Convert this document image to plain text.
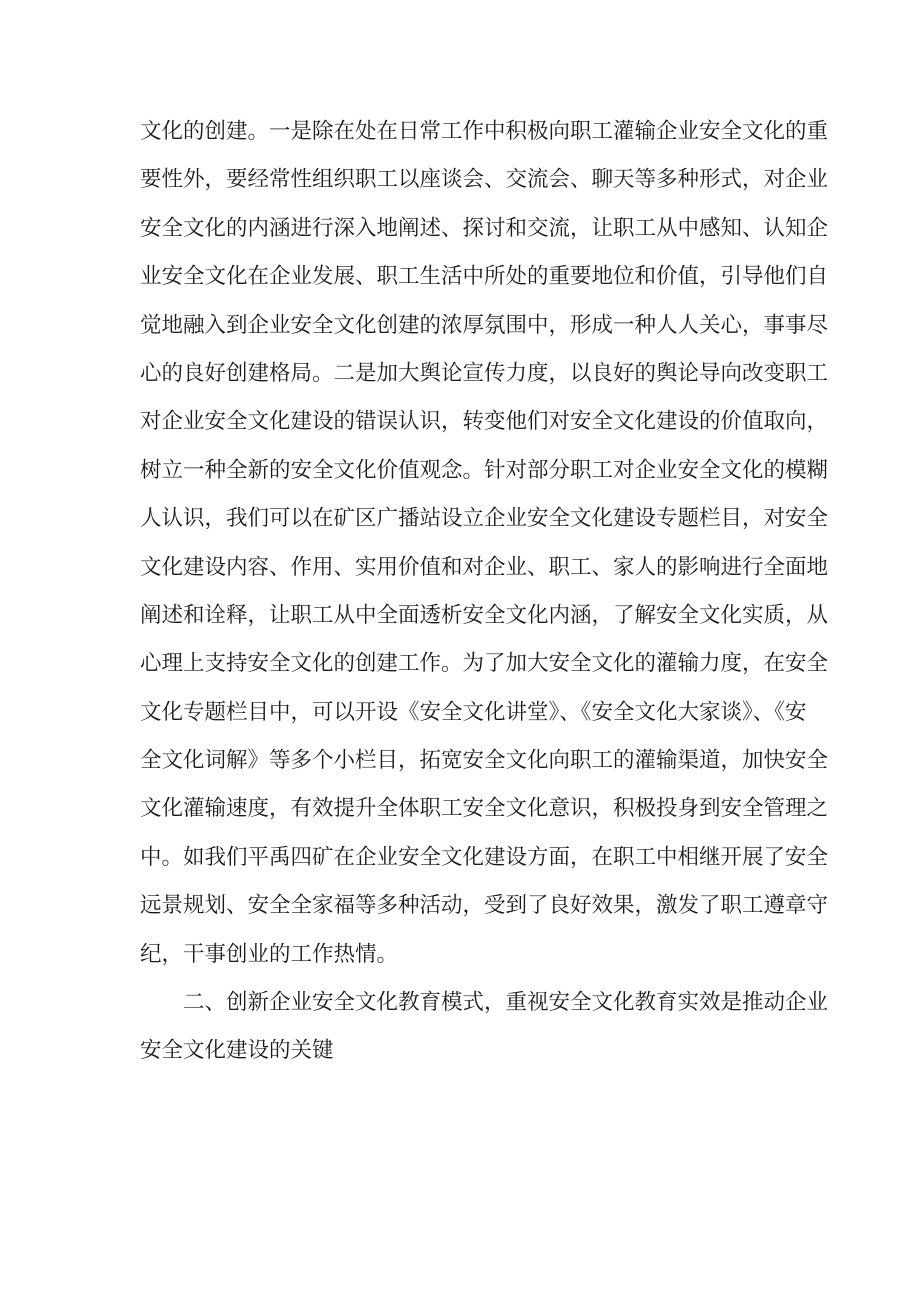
文化的创建。一是除在处在日常工作中积极向职工灌输企业安全文化的重
要性外，要经常性组织职工以座谈会、交流会、聊天等多种形式，对企业
安全文化的内涵进行深入地阐述、探讨和交流，让职工从中感知、认知企
业安全文化在企业发展、职工生活中所处的重要地位和价值，引导他们自
觉地融入到企业安全文化创建的浓厚氛围中，形成一种人人关心，事事尽
心的良好创建格局。二是加大舆论宣传力度，以良好的舆论导向改变职工
对企业安全文化建设的错误认识，转变他们对安全文化建设的价值取向，
树立一种全新的安全文化价值观念。针对部分职工对企业安全文化的模糊
人认识，我们可以在矿区广播站设立企业安全文化建设专题栏目，对安全
文化建设内容、作用、实用价值和对企业、职工、家人的影响进行全面地
阐述和诠释，让职工从中全面透析安全文化内涵，了解安全文化实质，从
心理上支持安全文化的创建工作。为了加大安全文化的灌输力度，在安全
文化专题栏目中，可以开设《安全文化讲堂》、《安全文化大家谈》、《安
全文化词解》等多个小栏目，拓宽安全文化向职工的灌输渠道，加快安全
文化灌输速度，有效提升全体职工安全文化意识，积极投身到安全管理之
中。如我们平禹四矿在企业安全文化建设方面，在职工中相继开展了安全
远景规划、安全全家福等多种活动，受到了良好效果，激发了职工遵章守
纪，干事创业的工作热情。
二、创新企业安全文化教育模式，重视安全文化教育实效是推动企业
安全文化建设的关键
